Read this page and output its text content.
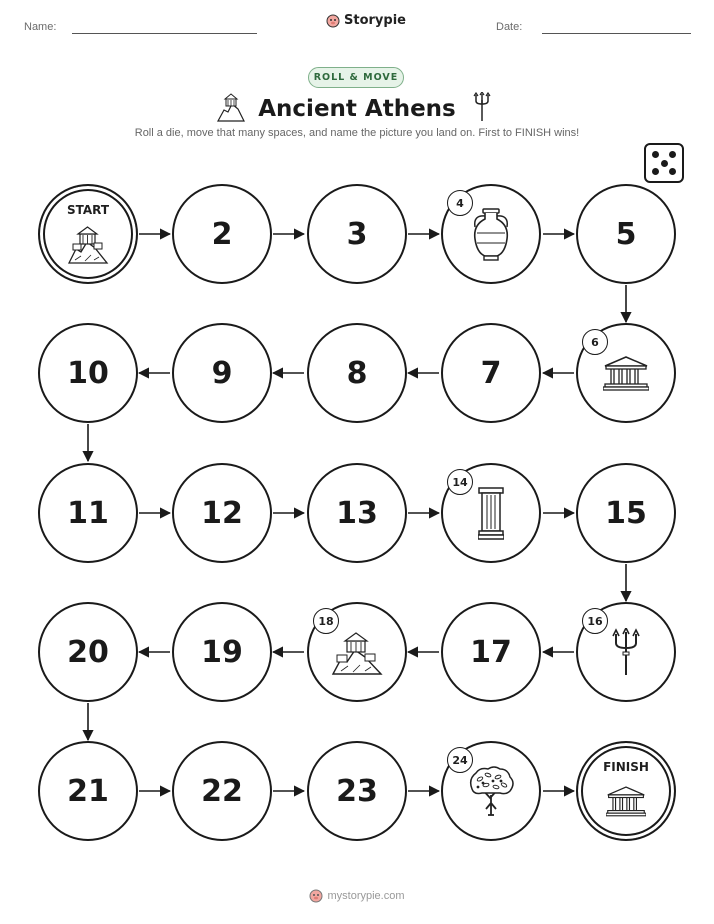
Name:	Storypie	Date:
ROLL & MOVE
Ancient Athens
Roll a die, move that many spaces, and name the picture you land on. First to FINISH wins!
START
2	3
4
5
10	9	8	7
6
11	12	13
14
15
20	19
18
17
16
21	22	23
24	FINISH
mystorypie.com
